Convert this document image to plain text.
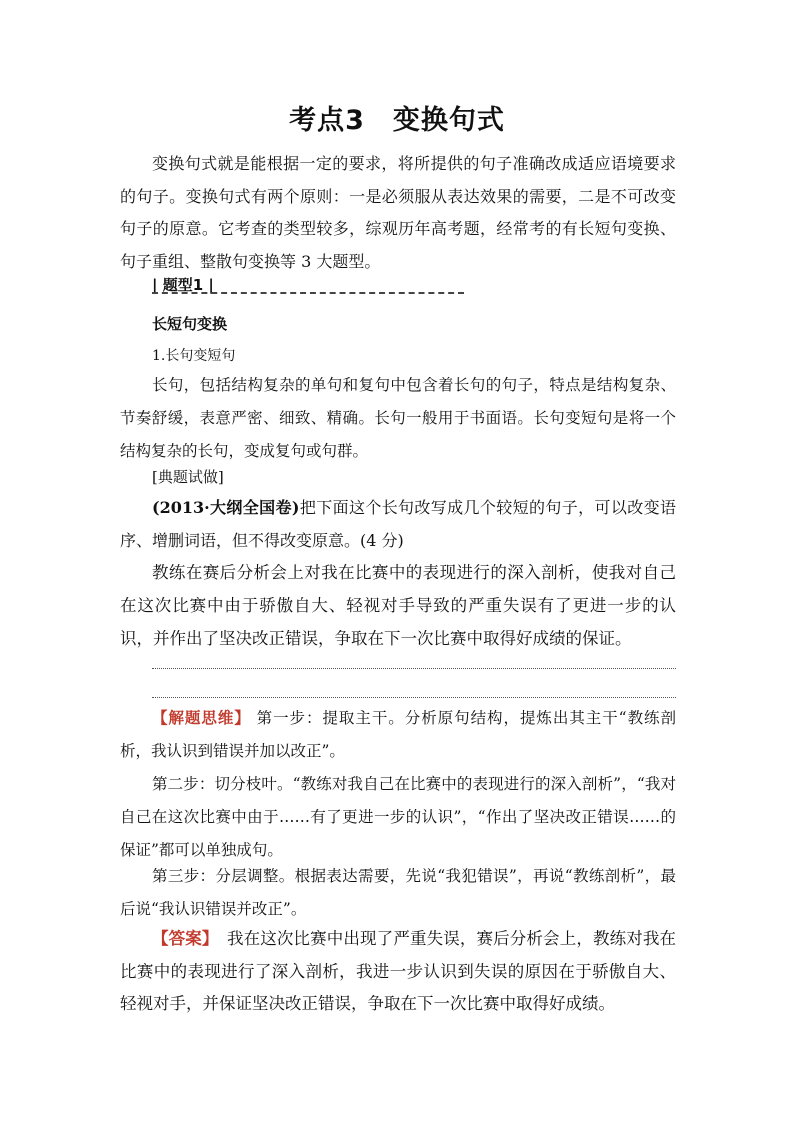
考点3　变换句式
变换句式就是能根据一定的要求，将所提供的句子准确改成适应语境要求的句子。变换句式有两个原则：一是必须服从表达效果的需要，二是不可改变句子的原意。它考查的类型较多，综观历年高考题，经常考的有长短句变换、句子重组、整散句变换等 3 大题型。
| 题型1 |
长短句变换
1.长句变短句
长句，包括结构复杂的单句和复句中包含着长句的句子，特点是结构复杂、节奏舒缓，表意严密、细致、精确。长句一般用于书面语。长句变短句是将一个结构复杂的长句，变成复句或句群。
[典题试做]
(2013·大纲全国卷)把下面这个长句改写成几个较短的句子，可以改变语序、增删词语，但不得改变原意。(4 分)
教练在赛后分析会上对我在比赛中的表现进行的深入剖析，使我对自己在这次比赛中由于骄傲自大、轻视对手导致的严重失误有了更进一步的认识，并作出了坚决改正错误，争取在下一次比赛中取得好成绩的保证。
【解题思维】 第一步：提取主干。分析原句结构，提炼出其主干“教练剖析，我认识到错误并加以改正”。
第二步：切分枝叶。“教练对我自己在比赛中的表现进行的深入剖析”，“我对自己在这次比赛中由于……有了更进一步的认识”，“作出了坚决改正错误……的保证”都可以单独成句。
第三步：分层调整。根据表达需要，先说“我犯错误”，再说“教练剖析”，最后说“我认识错误并改正”。
【答案】　 我在这次比赛中出现了严重失误，赛后分析会上，教练对我在比赛中的表现进行了深入剖析，我进一步认识到失误的原因在于骄傲自大、轻视对手，并保证坚决改正错误，争取在下一次比赛中取得好成绩。
